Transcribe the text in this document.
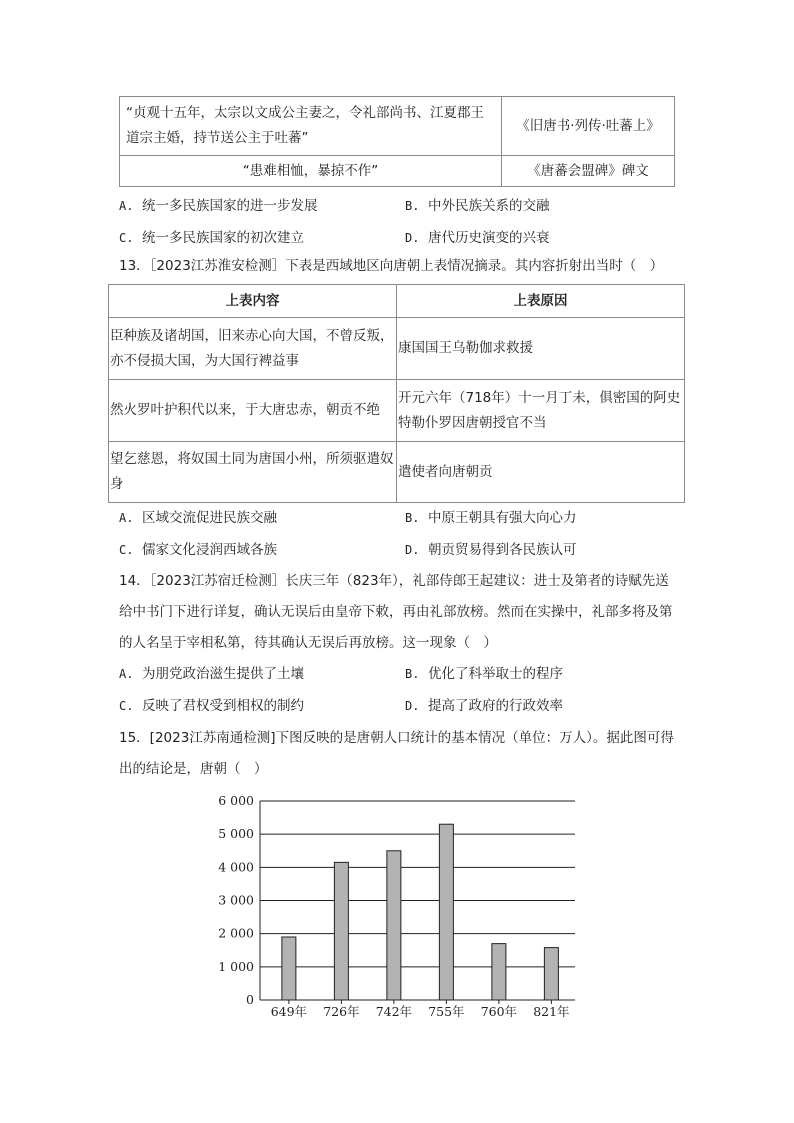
“贞观十五年，太宗以文成公主妻之，令礼部尚书、江夏郡王道宗主婚，持节送公主于吐蕃”	《旧唐书·列传·吐蕃上》
“患难相恤，暴掠不作”	《唐蕃会盟碑》碑文
A. 统一多民族国家的进一步发展	B. 中外民族关系的交融
C. 统一多民族国家的初次建立	D. 唐代历史演变的兴衰
13．［2023江苏淮安检测］下表是西域地区向唐朝上表情况摘录。其内容折射出当时（　）
上表内容	上表原因
臣种族及诸胡国，旧来赤心向大国，不曾反叛，亦不侵损大国，为大国行裨益事	康国国王乌勒伽求救援
然火罗叶护积代以来，于大唐忠赤，朝贡不绝	开元六年（718年）十一月丁未，俱密国的阿史特勒仆罗因唐朝授官不当
望乞慈恩，将奴国土同为唐国小州，所须驱遣奴身	遣使者向唐朝贡
A. 区域交流促进民族交融	B. 中原王朝具有强大向心力
C. 儒家文化浸润西域各族	D. 朝贡贸易得到各民族认可
14．［2023江苏宿迁检测］长庆三年（823年），礼部侍郎王起建议：进士及第者的诗赋先送给中书门下进行详复，确认无误后由皇帝下敕，再由礼部放榜。然而在实操中，礼部多将及第的人名呈于宰相私第，待其确认无误后再放榜。这一现象（　）
A. 为朋党政治滋生提供了土壤	B. 优化了科举取士的程序
C. 反映了君权受到相权的制约	D. 提高了政府的行政效率
15．[2023江苏南通检测]下图反映的是唐朝人口统计的基本情况（单位：万人）。据此图可得出的结论是，唐朝（　）
0
1 000
2 000
3 000
4 000
5 000
6 000
649年 726年 742年 755年 760年 821年
